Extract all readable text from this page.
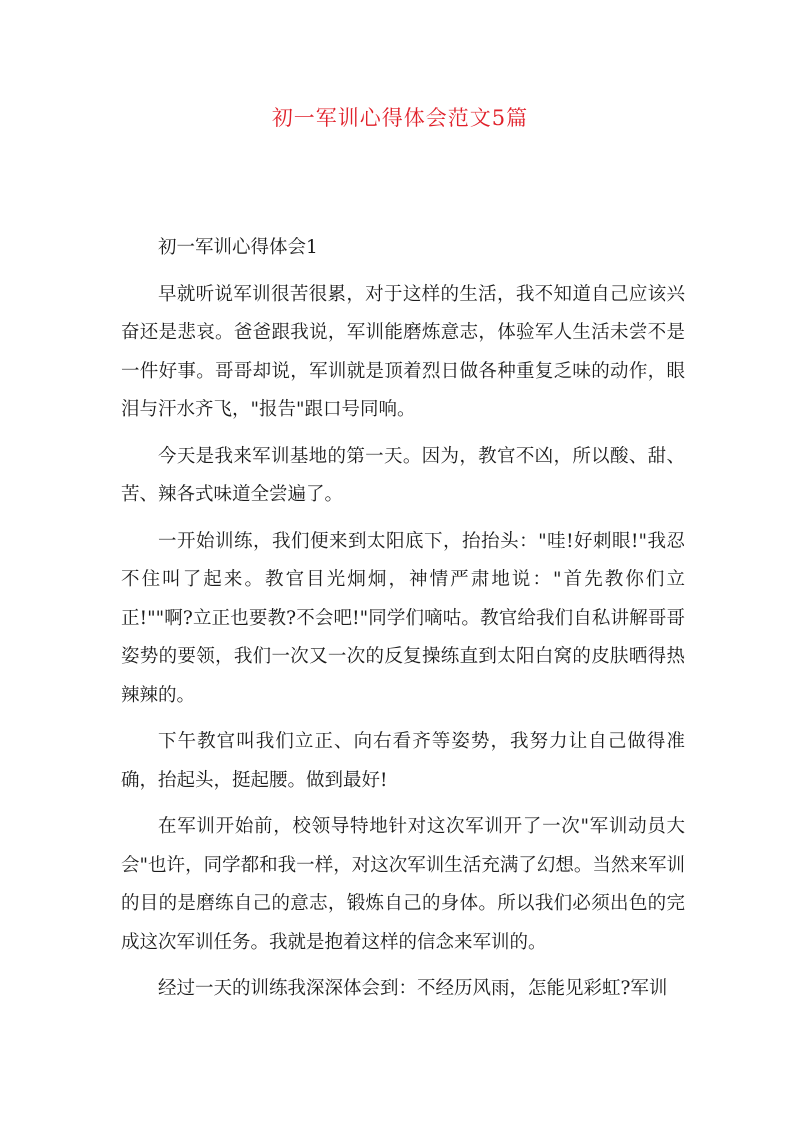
初一军训心得体会范文5篇

初一军训心得体会1

早就听说军训很苦很累，对于这样的生活，我不知道自己应该兴奋还是悲哀。爸爸跟我说，军训能磨炼意志，体验军人生活未尝不是一件好事。哥哥却说，军训就是顶着烈日做各种重复乏味的动作，眼泪与汗水齐飞，"报告"跟口号同响。

今天是我来军训基地的第一天。因为，教官不凶，所以酸、甜、苦、辣各式味道全尝遍了。

一开始训练，我们便来到太阳底下，抬抬头："哇!好刺眼!"我忍不住叫了起来。教官目光炯炯，神情严肃地说："首先教你们立正!""啊?立正也要教?不会吧!"同学们嘀咕。教官给我们自私讲解哥哥姿势的要领，我们一次又一次的反复操练直到太阳白窝的皮肤晒得热辣辣的。

下午教官叫我们立正、向右看齐等姿势，我努力让自己做得准确，抬起头，挺起腰。做到最好!

在军训开始前，校领导特地针对这次军训开了一次"军训动员大会"也许，同学都和我一样，对这次军训生活充满了幻想。当然来军训的目的是磨练自己的意志，锻炼自己的身体。所以我们必须出色的完成这次军训任务。我就是抱着这样的信念来军训的。

经过一天的训练我深深体会到：不经历风雨，怎能见彩虹?军训
